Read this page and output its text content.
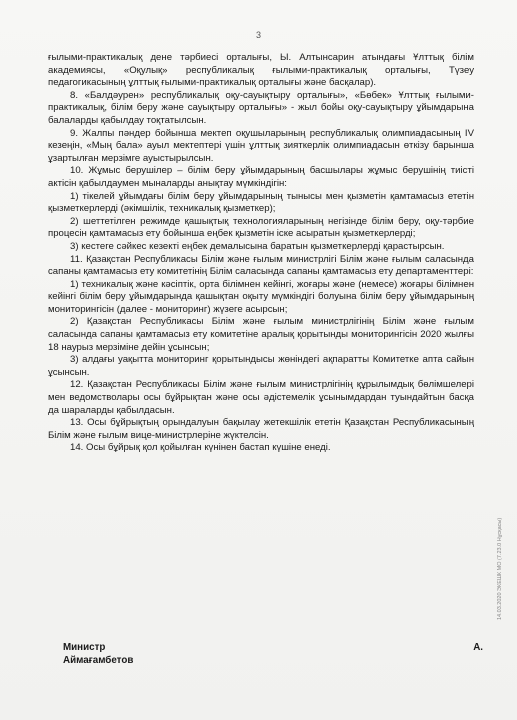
3

ғылыми-практикалық дене тәрбиесі орталығы, Ы. Алтынсарин атындағы Ұлттық білім академиясы, «Оқулық» республикалық ғылыми-практикалық орталығы, Түзеу педагогикасының ұлттық ғылыми-практикалық орталығы және басқалар).

8. «Балдәурен» республикалық оқу-сауықтыру орталығы», «Бөбек» Ұлттық ғылыми-практикалық, білім беру және сауықтыру орталығы» - жыл бойы оқу-сауықтыру ұйымдарына балаларды қабылдау тоқтатылсын.

9. Жалпы пәндер бойынша мектеп оқушыларының республикалық олимпиадасының IV кезеңін, «Мың бала» ауыл мектептері үшін ұлттық зияткерлік олимпиадасын өткізу барынша ұзартылған мерзімге ауыстырылсын.

10. Жұмыс берушілер – білім беру ұйымдарының басшылары жұмыс берушінің тиісті актісін қабылдаумен мыналарды анықтау мүмкіндігін:

1) тікелей ұйымдағы білім беру ұйымдарының тынысы мен қызметін қамтамасыз ететін қызметкерлерді (әкімшілік, техникалық қызметкер);

2) шеттетілген режимде қашықтық технологияларының негізінде білім беру, оқу-тәрбие процесін қамтамасыз ету бойынша еңбек қызметін іске асыратын қызметкерлерді;

3) кестеге сәйкес кезекті еңбек демалысына баратын қызметкерлерді қарастырсын.

11. Қазақстан Республикасы Білім және ғылым министрлігі Білім және ғылым саласында сапаны қамтамасыз ету комитетінің Білім саласында сапаны қамтамасыз ету департаменттері:

1) техникалық және кәсіптік, орта білімнен кейінгі, жоғары және (немесе) жоғары білімнен кейінгі білім беру ұйымдарында қашықтан оқыту мүмкіндігі болуына білім беру ұйымдарының мониторингісін (далее - мониторинг) жүзеге асырсын;

2) Қазақстан Республикасы Білім және ғылым министрлігінің Білім және ғылым саласында сапаны қамтамасыз ету комитетіне аралық қорытынды мониторингісін 2020 жылғы 18 наурыз мерзіміне дейін ұсынсын;

3) алдағы уақытта мониторинг қорытындысы жөніндегі ақпаратты Комитетке апта сайын ұсынсын.

12. Қазақстан Республикасы Білім және ғылым министрлігінің құрылымдық бөлімшелері мен ведомстволары осы бұйрықтан және осы әдістемелік ұсынымдардан туындайтын басқа да шараларды қабылдасын.

13. Осы бұйрықтың орындалуын бақылау жетекшілік ететін Қазақстан Республикасының Білім және ғылым вице-министрлеріне жүктелсін.

14. Осы бұйрық қол қойылған күнінен бастап күшіне енеді.

Министр	А.
Аймағамбетов
14.03.2020 ЭКЕШК МО (7.23.0 Нұсқасы)
